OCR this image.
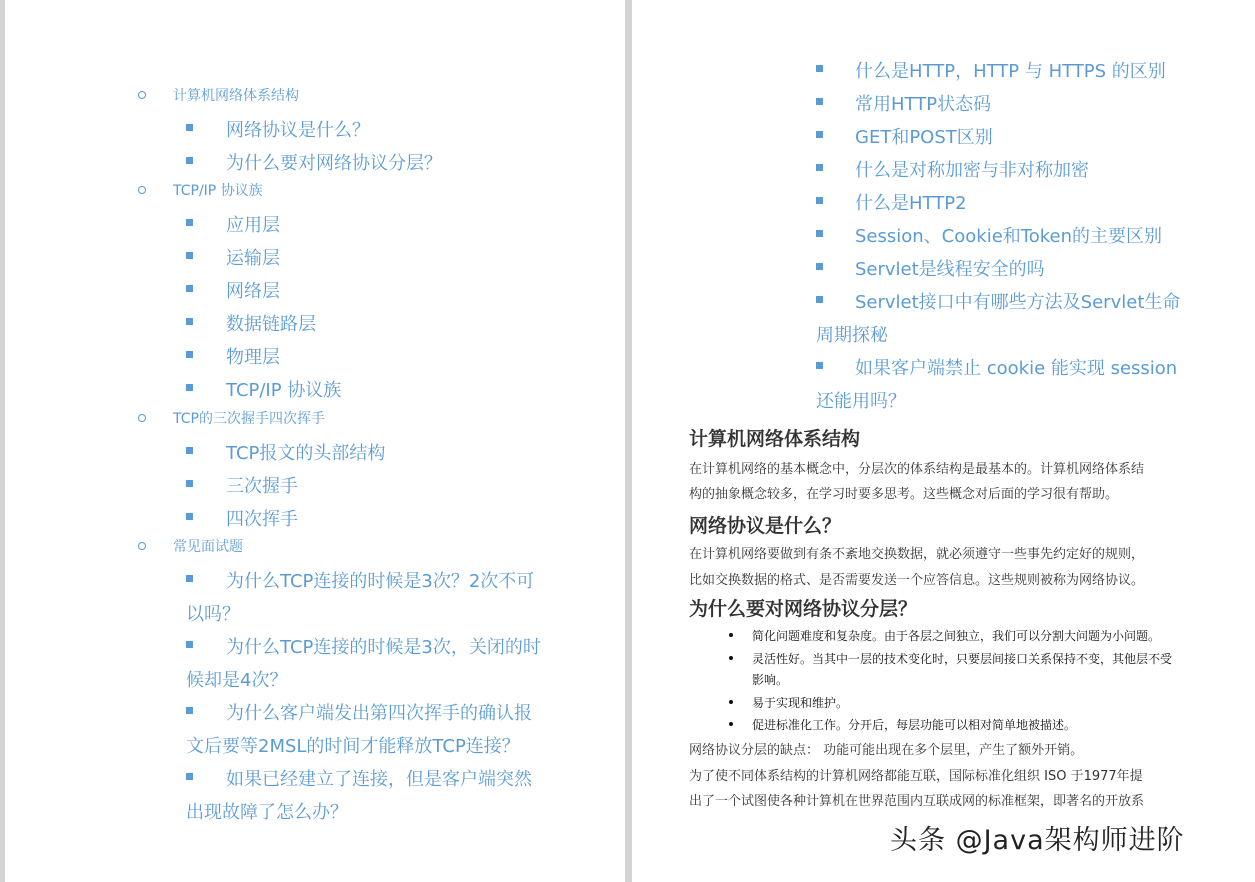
计算机网络体系结构
网络协议是什么？
为什么要对网络协议分层？
TCP/IP 协议族
应用层
运输层
网络层
数据链路层
物理层
TCP/IP 协议族
TCP的三次握手四次挥手
TCP报文的头部结构
三次握手
四次挥手
常见面试题
为什么TCP连接的时候是3次？2次不可
以吗？
为什么TCP连接的时候是3次，关闭的时
候却是4次？
为什么客户端发出第四次挥手的确认报
文后要等2MSL的时间才能释放TCP连接？
如果已经建立了连接，但是客户端突然
出现故障了怎么办？
什么是HTTP，HTTP 与 HTTPS 的区别
常用HTTP状态码
GET和POST区别
什么是对称加密与非对称加密
什么是HTTP2
Session、Cookie和Token的主要区别
Servlet是线程安全的吗
Servlet接口中有哪些方法及Servlet生命
周期探秘
如果客户端禁止 cookie 能实现 session
还能用吗？
计算机网络体系结构
在计算机网络的基本概念中，分层次的体系结构是最基本的。计算机网络体系结
构的抽象概念较多，在学习时要多思考。这些概念对后面的学习很有帮助。
网络协议是什么？
在计算机网络要做到有条不紊地交换数据，就必须遵守一些事先约定好的规则，
比如交换数据的格式、是否需要发送一个应答信息。这些规则被称为网络协议。
为什么要对网络协议分层？
简化问题难度和复杂度。由于各层之间独立，我们可以分割大问题为小问题。
灵活性好。当其中一层的技术变化时，只要层间接口关系保持不变，其他层不受
影响。
易于实现和维护。
促进标准化工作。分开后，每层功能可以相对简单地被描述。
网络协议分层的缺点： 功能可能出现在多个层里，产生了额外开销。
为了使不同体系结构的计算机网络都能互联，国际标准化组织 ISO 于1977年提
出了一个试图使各种计算机在世界范围内互联成网的标准框架，即著名的开放系
头条 @Java架构师进阶
